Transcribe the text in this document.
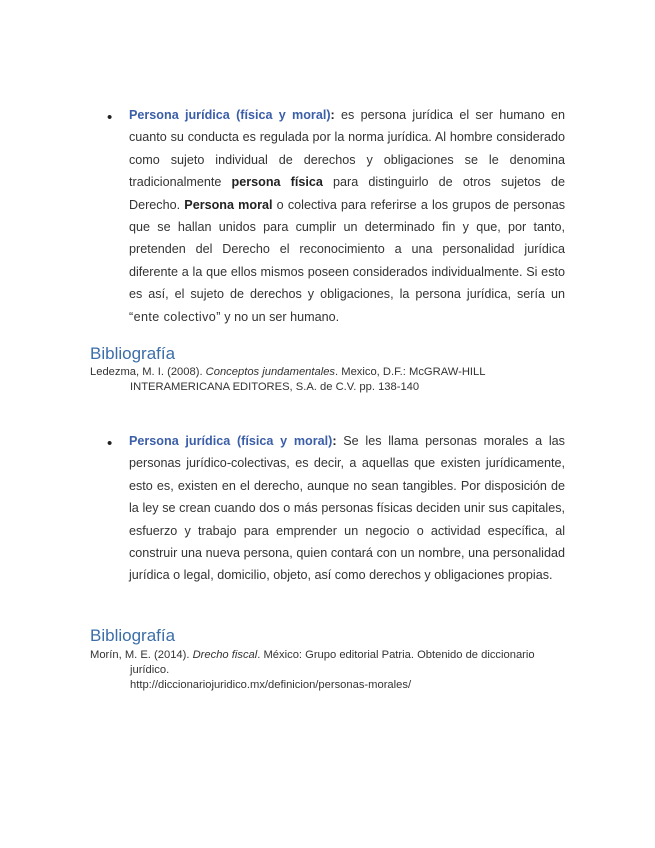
• Persona jurídica (física y moral): es persona jurídica el ser humano en cuanto su conducta es regulada por la norma jurídica. Al hombre considerado como sujeto individual de derechos y obligaciones se le denomina tradicionalmente persona física para distinguirlo de otros sujetos de Derecho. Persona moral o colectiva para referirse a los grupos de personas que se hallan unidos para cumplir un determinado fin y que, por tanto, pretenden del Derecho el reconocimiento a una personalidad jurídica diferente a la que ellos mismos poseen considerados individualmente. Si esto es así, el sujeto de derechos y obligaciones, la persona jurídica, sería un “ente colectivo” y no un ser humano.
Bibliografía
Ledezma, M. I. (2008). Conceptos jundamentales. Mexico, D.F.: McGRAW-HILL
INTERAMERICANA EDITORES, S.A. de C.V. pp. 138-140
• Persona jurídica (física y moral): Se les llama personas morales a las personas jurídico-colectivas, es decir, a aquellas que existen jurídicamente, esto es, existen en el derecho, aunque no sean tangibles. Por disposición de la ley se crean cuando dos o más personas físicas deciden unir sus capitales, esfuerzo y trabajo para emprender un negocio o actividad específica, al construir una nueva persona, quien contará con un nombre, una personalidad jurídica o legal, domicilio, objeto, así como derechos y obligaciones propias.
Bibliografía
Morín, M. E. (2014). Drecho fiscal. México: Grupo editorial Patria. Obtenido de diccionario
jurídico.
http://diccionariojuridico.mx/definicion/personas-morales/
